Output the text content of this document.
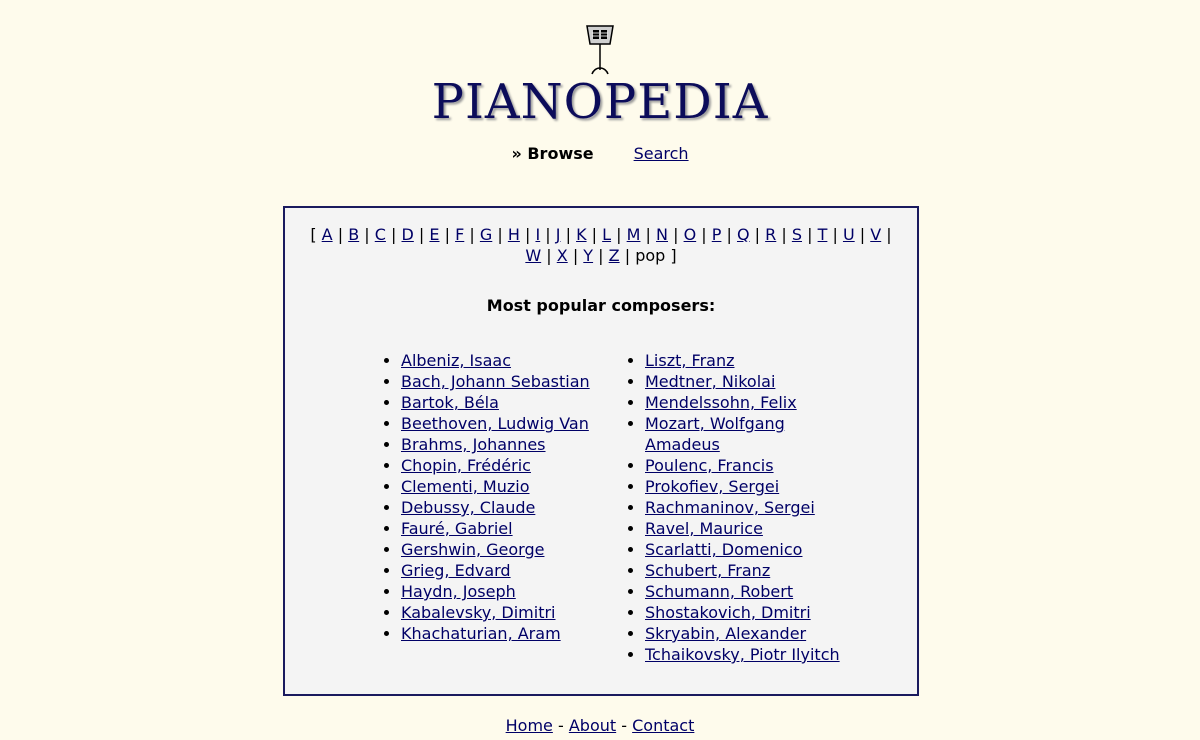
PIANOPEDIA
» Browse	Search
[ A | B | C | D | E | F | G | H | I | J | K | L | M | N | O | P | Q | R | S | T | U | V | W | X | Y | Z | pop ]
Most popular composers:
• Albeniz, Isaac
• Bach, Johann Sebastian
• Bartok, Béla
• Beethoven, Ludwig Van
• Brahms, Johannes
• Chopin, Frédéric
• Clementi, Muzio
• Debussy, Claude
• Fauré, Gabriel
• Gershwin, George
• Grieg, Edvard
• Haydn, Joseph
• Kabalevsky, Dimitri
• Khachaturian, Aram
• Liszt, Franz
• Medtner, Nikolai
• Mendelssohn, Felix
• Mozart, Wolfgang Amadeus
• Poulenc, Francis
• Prokofiev, Sergei
• Rachmaninov, Sergei
• Ravel, Maurice
• Scarlatti, Domenico
• Schubert, Franz
• Schumann, Robert
• Shostakovich, Dmitri
• Skryabin, Alexander
• Tchaikovsky, Piotr Ilyitch
Home - About - Contact
